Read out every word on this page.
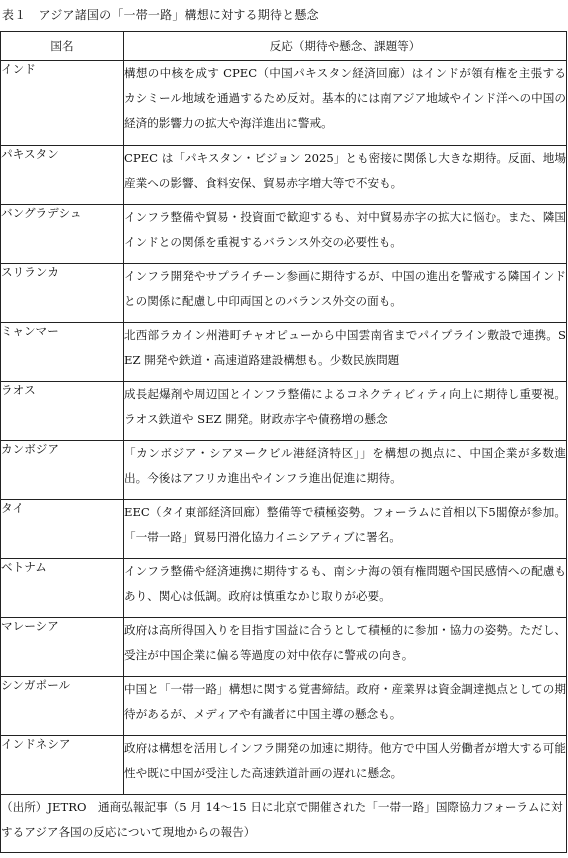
表１　アジア諸国の「一帯一路」構想に対する期待と懸念
国名	反応（期待や懸念、課題等）
インド	構想の中核を成す CPEC（中国パキスタン経済回廊）はインドが領有権を主張するカシミール地域を通過するため反対。基本的には南アジア地域やインド洋への中国の経済的影響力の拡大や海洋進出に警戒。
パキスタン	CPEC は「パキスタン・ビジョン 2025」とも密接に関係し大きな期待。反面、地場産業への影響、食料安保、貿易赤字増大等で不安も。
バングラデシュ	インフラ整備や貿易・投資面で歓迎するも、対中貿易赤字の拡大に悩む。また、隣国インドとの関係を重視するバランス外交の必要性も。
スリランカ	インフラ開発やサプライチーン参画に期待するが、中国の進出を警戒する隣国インドとの関係に配慮し中印両国とのバランス外交の面も。
ミャンマー	北西部ラカイン州港町チャオピューから中国雲南省までパイプライン敷設で連携。SEZ 開発や鉄道・高速道路建設構想も。少数民族問題
ラオス	成長起爆剤や周辺国とインフラ整備によるコネクティビィティ向上に期待し重要視。ラオス鉄道や SEZ 開発。財政赤字や債務増の懸念
カンボジア	「カンボジア・シアヌークビル港経済特区」」を構想の拠点に、中国企業が多数進出。今後はアフリカ進出やインフラ進出促進に期待。
タイ	EEC（タイ東部経済回廊）整備等で積極姿勢。フォーラムに首相以下5閣僚が参加。「一帯一路」貿易円滑化協力イニシアティブに署名。
ベトナム	インフラ整備や経済連携に期待するも、南シナ海の領有権問題や国民感情への配慮もあり、関心は低調。政府は慎重なかじ取りが必要。
マレーシア	政府は高所得国入りを目指す国益に合うとして積極的に参加・協力の姿勢。ただし、受注が中国企業に偏る等過度の対中依存に警戒の向き。
シンガポール	中国と「一帯一路」構想に関する覚書締結。政府・産業界は資金調達拠点としての期待があるが、メディアや有識者に中国主導の懸念も。
インドネシア	政府は構想を活用しインフラ開発の加速に期待。他方で中国人労働者が増大する可能性や既に中国が受注した高速鉄道計画の遅れに懸念。
（出所）JETRO　通商弘報記事（5 月 14～15 日に北京で開催された「一帯一路」国際協力フォーラムに対するアジア各国の反応について現地からの報告）	
